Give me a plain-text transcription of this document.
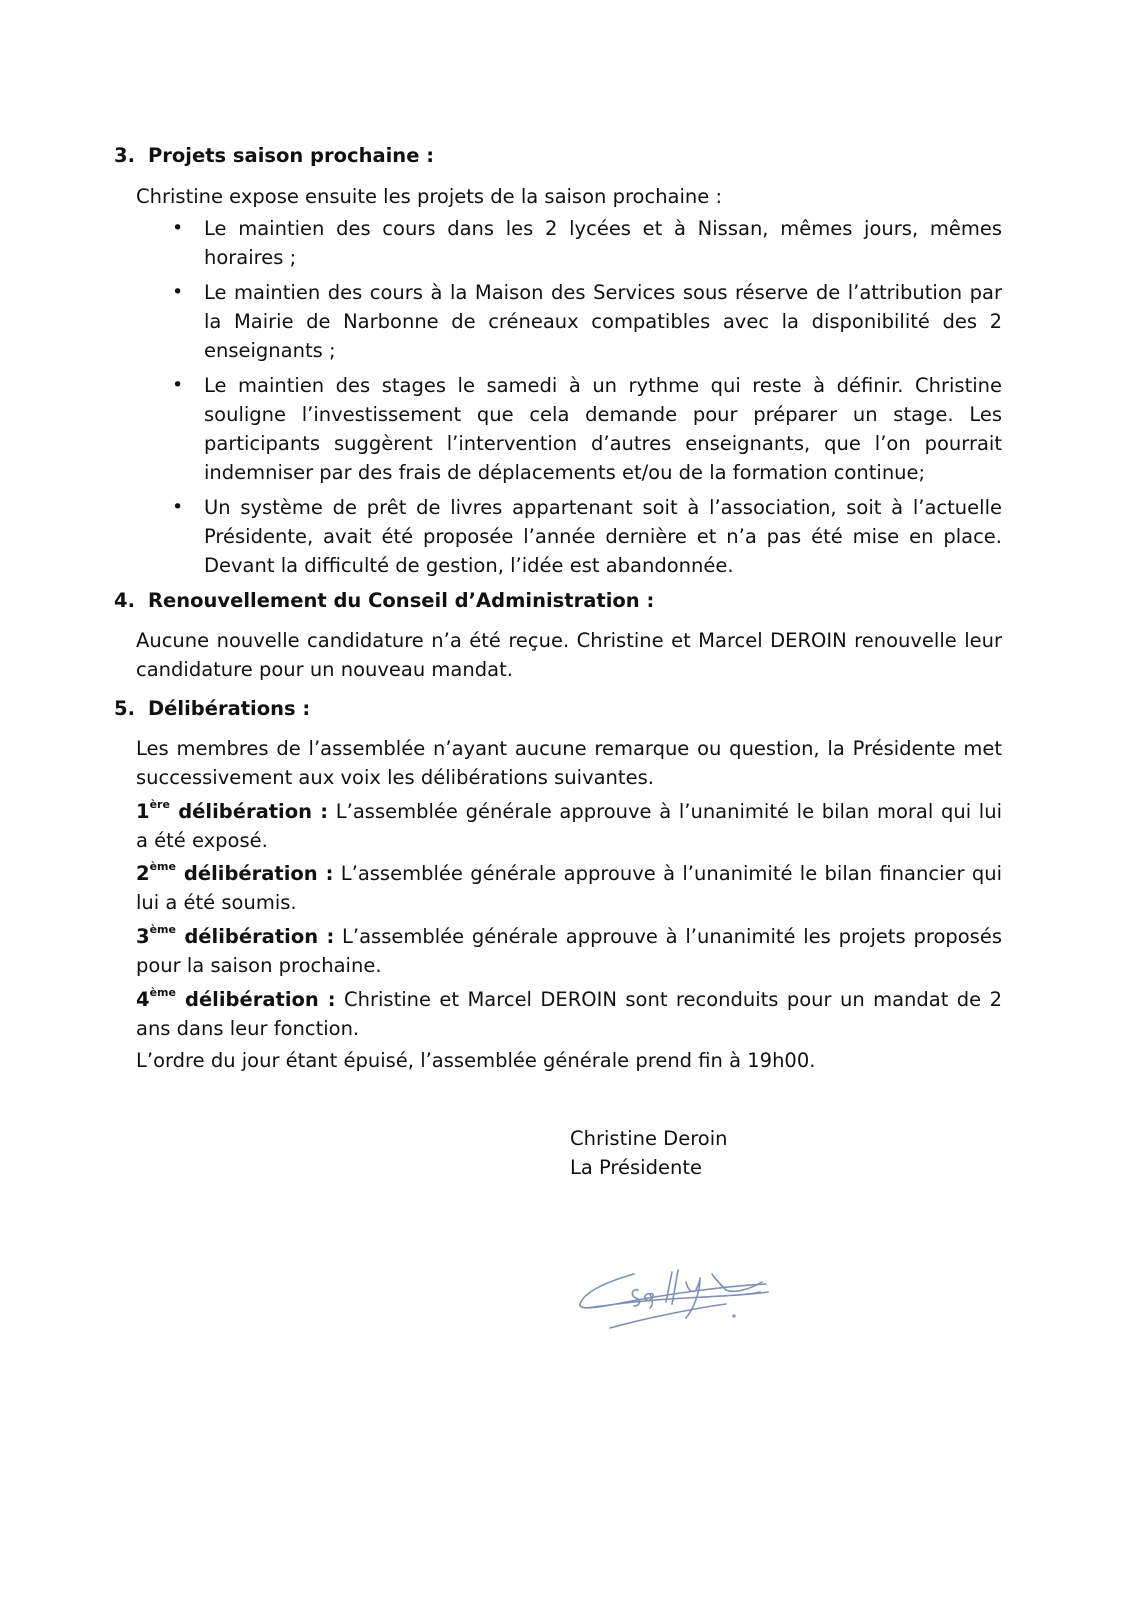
3. Projets saison prochaine :
Christine expose ensuite les projets de la saison prochaine :
• Le maintien des cours dans les 2 lycées et à Nissan, mêmes jours, mêmes horaires ;
• Le maintien des cours à la Maison des Services sous réserve de l’attribution par la Mairie de Narbonne de créneaux compatibles avec la disponibilité des 2 enseignants ;
• Le maintien des stages le samedi à un rythme qui reste à définir. Christine souligne l’investissement que cela demande pour préparer un stage. Les participants suggèrent l’intervention d’autres enseignants, que l’on pourrait indemniser par des frais de déplacements et/ou de la formation continue;
• Un système de prêt de livres appartenant soit à l’association, soit à l’actuelle Présidente, avait été proposée l’année dernière et n’a pas été mise en place. Devant la difficulté de gestion, l’idée est abandonnée.
4. Renouvellement du Conseil d’Administration :
Aucune nouvelle candidature n’a été reçue. Christine et Marcel DEROIN renouvelle leur candidature pour un nouveau mandat.
5. Délibérations :
Les membres de l’assemblée n’ayant aucune remarque ou question, la Présidente met successivement aux voix les délibérations suivantes.
1ère délibération : L’assemblée générale approuve à l’unanimité le bilan moral qui lui a été exposé.
2ème délibération : L’assemblée générale approuve à l’unanimité le bilan financier qui lui a été soumis.
3ème délibération : L’assemblée générale approuve à l’unanimité les projets proposés pour la saison prochaine.
4ème délibération : Christine et Marcel DEROIN sont reconduits pour un mandat de 2 ans dans leur fonction.
L’ordre du jour étant épuisé, l’assemblée générale prend fin à 19h00.
Christine Deroin
La Présidente
